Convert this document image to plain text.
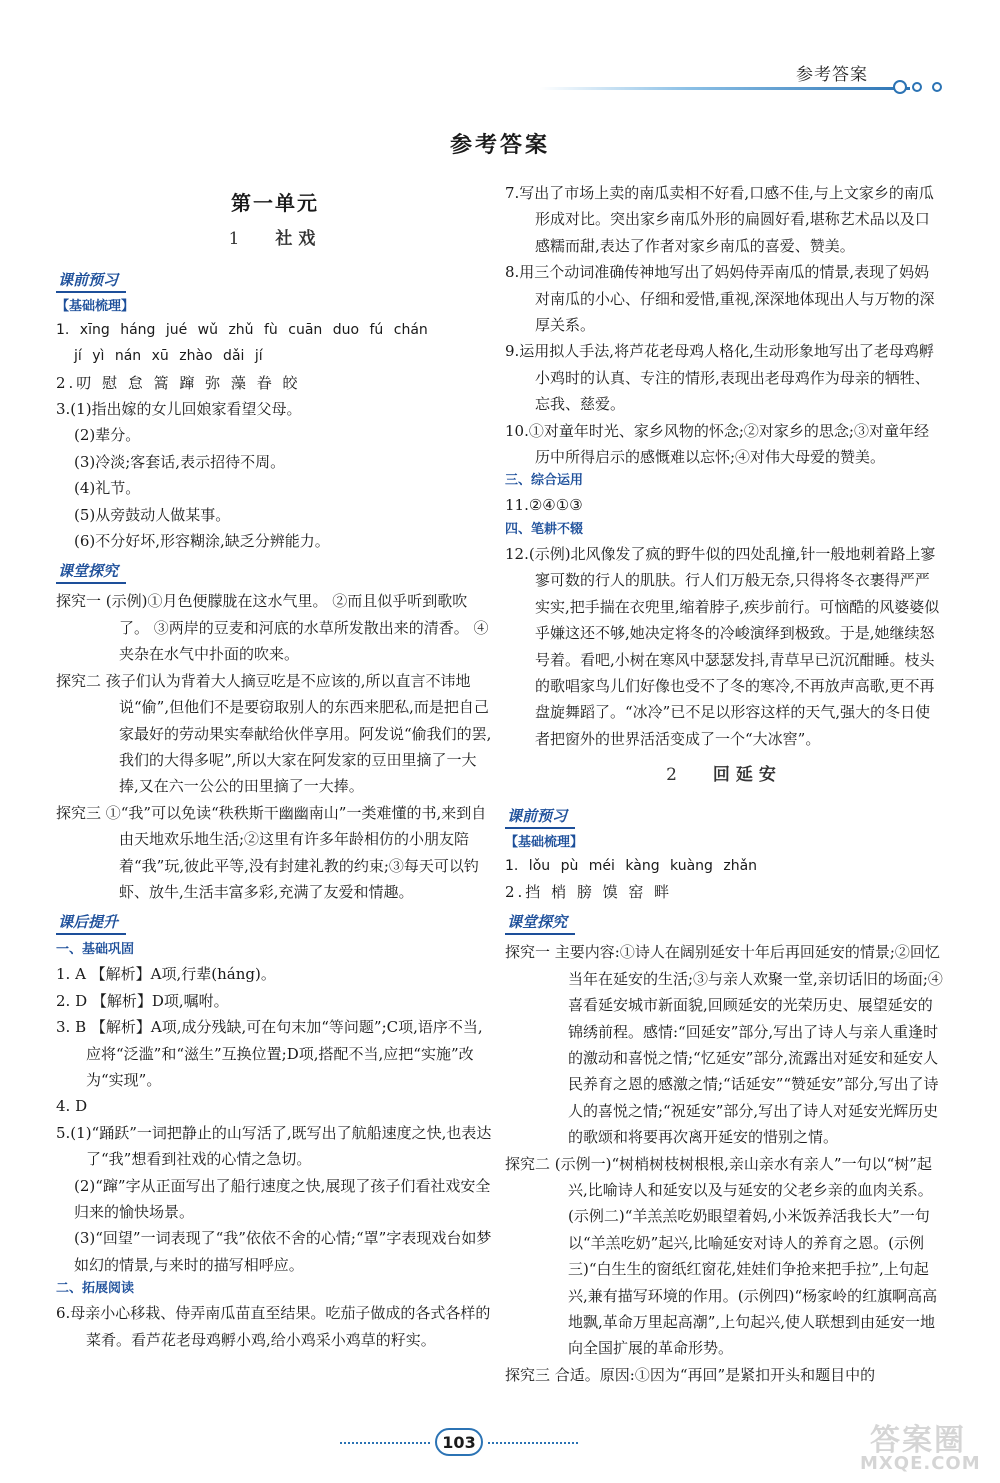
参考答案
参考答案
第一单元
1 社戏
课前预习
【基础梳理】

1. xīng háng jué wǔ zhǔ fù cuān duo fú chán

jí yì nán xū zhào dǎi jí

2.叨 慰 怠 篙 蹿 弥 藻 眷 皎

3.(1)指出嫁的女儿回娘家看望父母。

(2)辈分。

(3)冷淡;客套话,表示招待不周。

(4)礼节。

(5)从旁鼓动人做某事。

(6)不分好坏,形容糊涂,缺乏分辨能力。

课堂探究

探究一 (示例)①月色便朦胧在这水气里。 ②而且似乎听到歌吹了。 ③两岸的豆麦和河底的水草所发散出来的清香。 ④夹杂在水气中扑面的吹来。

探究二 孩子们认为背着大人摘豆吃是不应该的,所以直言不讳地说“偷”,但他们不是要窃取别人的东西来肥私,而是把自己家最好的劳动果实奉献给伙伴享用。阿发说“偷我们的罢,我们的大得多呢”,所以大家在阿发家的豆田里摘了一大捧,又在六一公公的田里摘了一大捧。

探究三 ①“我”可以免读“秩秩斯干幽幽南山”一类难懂的书,来到自由天地欢乐地生活;②这里有许多年龄相仿的小朋友陪着“我”玩,彼此平等,没有封建礼教的约束;③每天可以钓虾、放牛,生活丰富多彩,充满了友爱和情趣。

课后提升
一、基础巩固

1. A 【解析】A项,行辈(háng)。

2. D 【解析】D项,嘱咐。

3. B 【解析】A项,成分残缺,可在句末加“等问题”;C项,语序不当,应将“泛滥”和“滋生”互换位置;D项,搭配不当,应把“实施”改为“实现”。

4. D

5.(1)“踊跃”一词把静止的山写活了,既写出了航船速度之快,也表达了“我”想看到社戏的心情之急切。

(2)“蹿”字从正面写出了船行速度之快,展现了孩子们看社戏安全归来的愉快场景。

(3)“回望”一词表现了“我”依依不舍的心情;“罩”字表现戏台如梦如幻的情景,与来时的描写相呼应。

二、拓展阅读

6.母亲小心移栽、侍弄南瓜苗直至结果。吃茄子做成的各式各样的菜肴。看芦花老母鸡孵小鸡,给小鸡采小鸡草的籽实。

7.写出了市场上卖的南瓜卖相不好看,口感不佳,与上文家乡的南瓜形成对比。突出家乡南瓜外形的扁圆好看,堪称艺术品以及口感糯而甜,表达了作者对家乡南瓜的喜爱、赞美。

8.用三个动词准确传神地写出了妈妈侍弄南瓜的情景,表现了妈妈对南瓜的小心、仔细和爱惜,重视,深深地体现出人与万物的深厚关系。

9.运用拟人手法,将芦花老母鸡人格化,生动形象地写出了老母鸡孵小鸡时的认真、专注的情形,表现出老母鸡作为母亲的牺牲、忘我、慈爱。

10.①对童年时光、家乡风物的怀念;②对家乡的思念;③对童年经历中所得启示的感慨难以忘怀;④对伟大母爱的赞美。

三、综合运用

11.②④①③

四、笔耕不辍

12.(示例)北风像发了疯的野牛似的四处乱撞,针一般地刺着路上寥寥可数的行人的肌肤。行人们万般无奈,只得将冬衣裹得严严实实,把手揣在衣兜里,缩着脖子,疾步前行。可恼酷的风婆婆似乎嫌这还不够,她决定将冬的冷峻演绎到极致。于是,她继续怒号着。看吧,小树在寒风中瑟瑟发抖,青草早已沉沉酣睡。枝头的歌唱家鸟儿们好像也受不了冬的寒冷,不再放声高歌,更不再盘旋舞蹈了。“冰冷”已不足以形容这样的天气,强大的冬日使者把窗外的世界活活变成了一个“大冰窖”。

2 回延安
课前预习
【基础梳理】

1. lǒu pù méi kàng kuàng zhǎn

2.挡 梢 膀 馍 窑 畔

课堂探究

探究一 主要内容:①诗人在阔别延安十年后再回延安的情景;②回忆当年在延安的生活;③与亲人欢聚一堂,亲切话旧的场面;④喜看延安城市新面貌,回顾延安的光荣历史、展望延安的锦绣前程。感情:“回延安”部分,写出了诗人与亲人重逢时的激动和喜悦之情;“忆延安”部分,流露出对延安和延安人民养育之恩的感激之情;“话延安”“赞延安”部分,写出了诗人的喜悦之情;“祝延安”部分,写出了诗人对延安光辉历史的歌颂和将要再次离开延安的惜别之情。

探究二 (示例一)“树梢树枝树根根,亲山亲水有亲人”一句以“树”起兴,比喻诗人和延安以及与延安的父老乡亲的血肉关系。(示例二)“羊羔羔吃奶眼望着妈,小米饭养活我长大”一句以“羊羔吃奶”起兴,比喻延安对诗人的养育之恩。(示例三)“白生生的窗纸红窗花,娃娃们争抢来把手拉”,上句起兴,兼有描写环境的作用。(示例四)“杨家岭的红旗啊高高地飘,革命万里起高潮”,上句起兴,使人联想到由延安一地向全国扩展的革命形势。

探究三 合适。原因:①因为“再回”是紧扣开头和题目中的

103	答案圈
MXQE.COM
